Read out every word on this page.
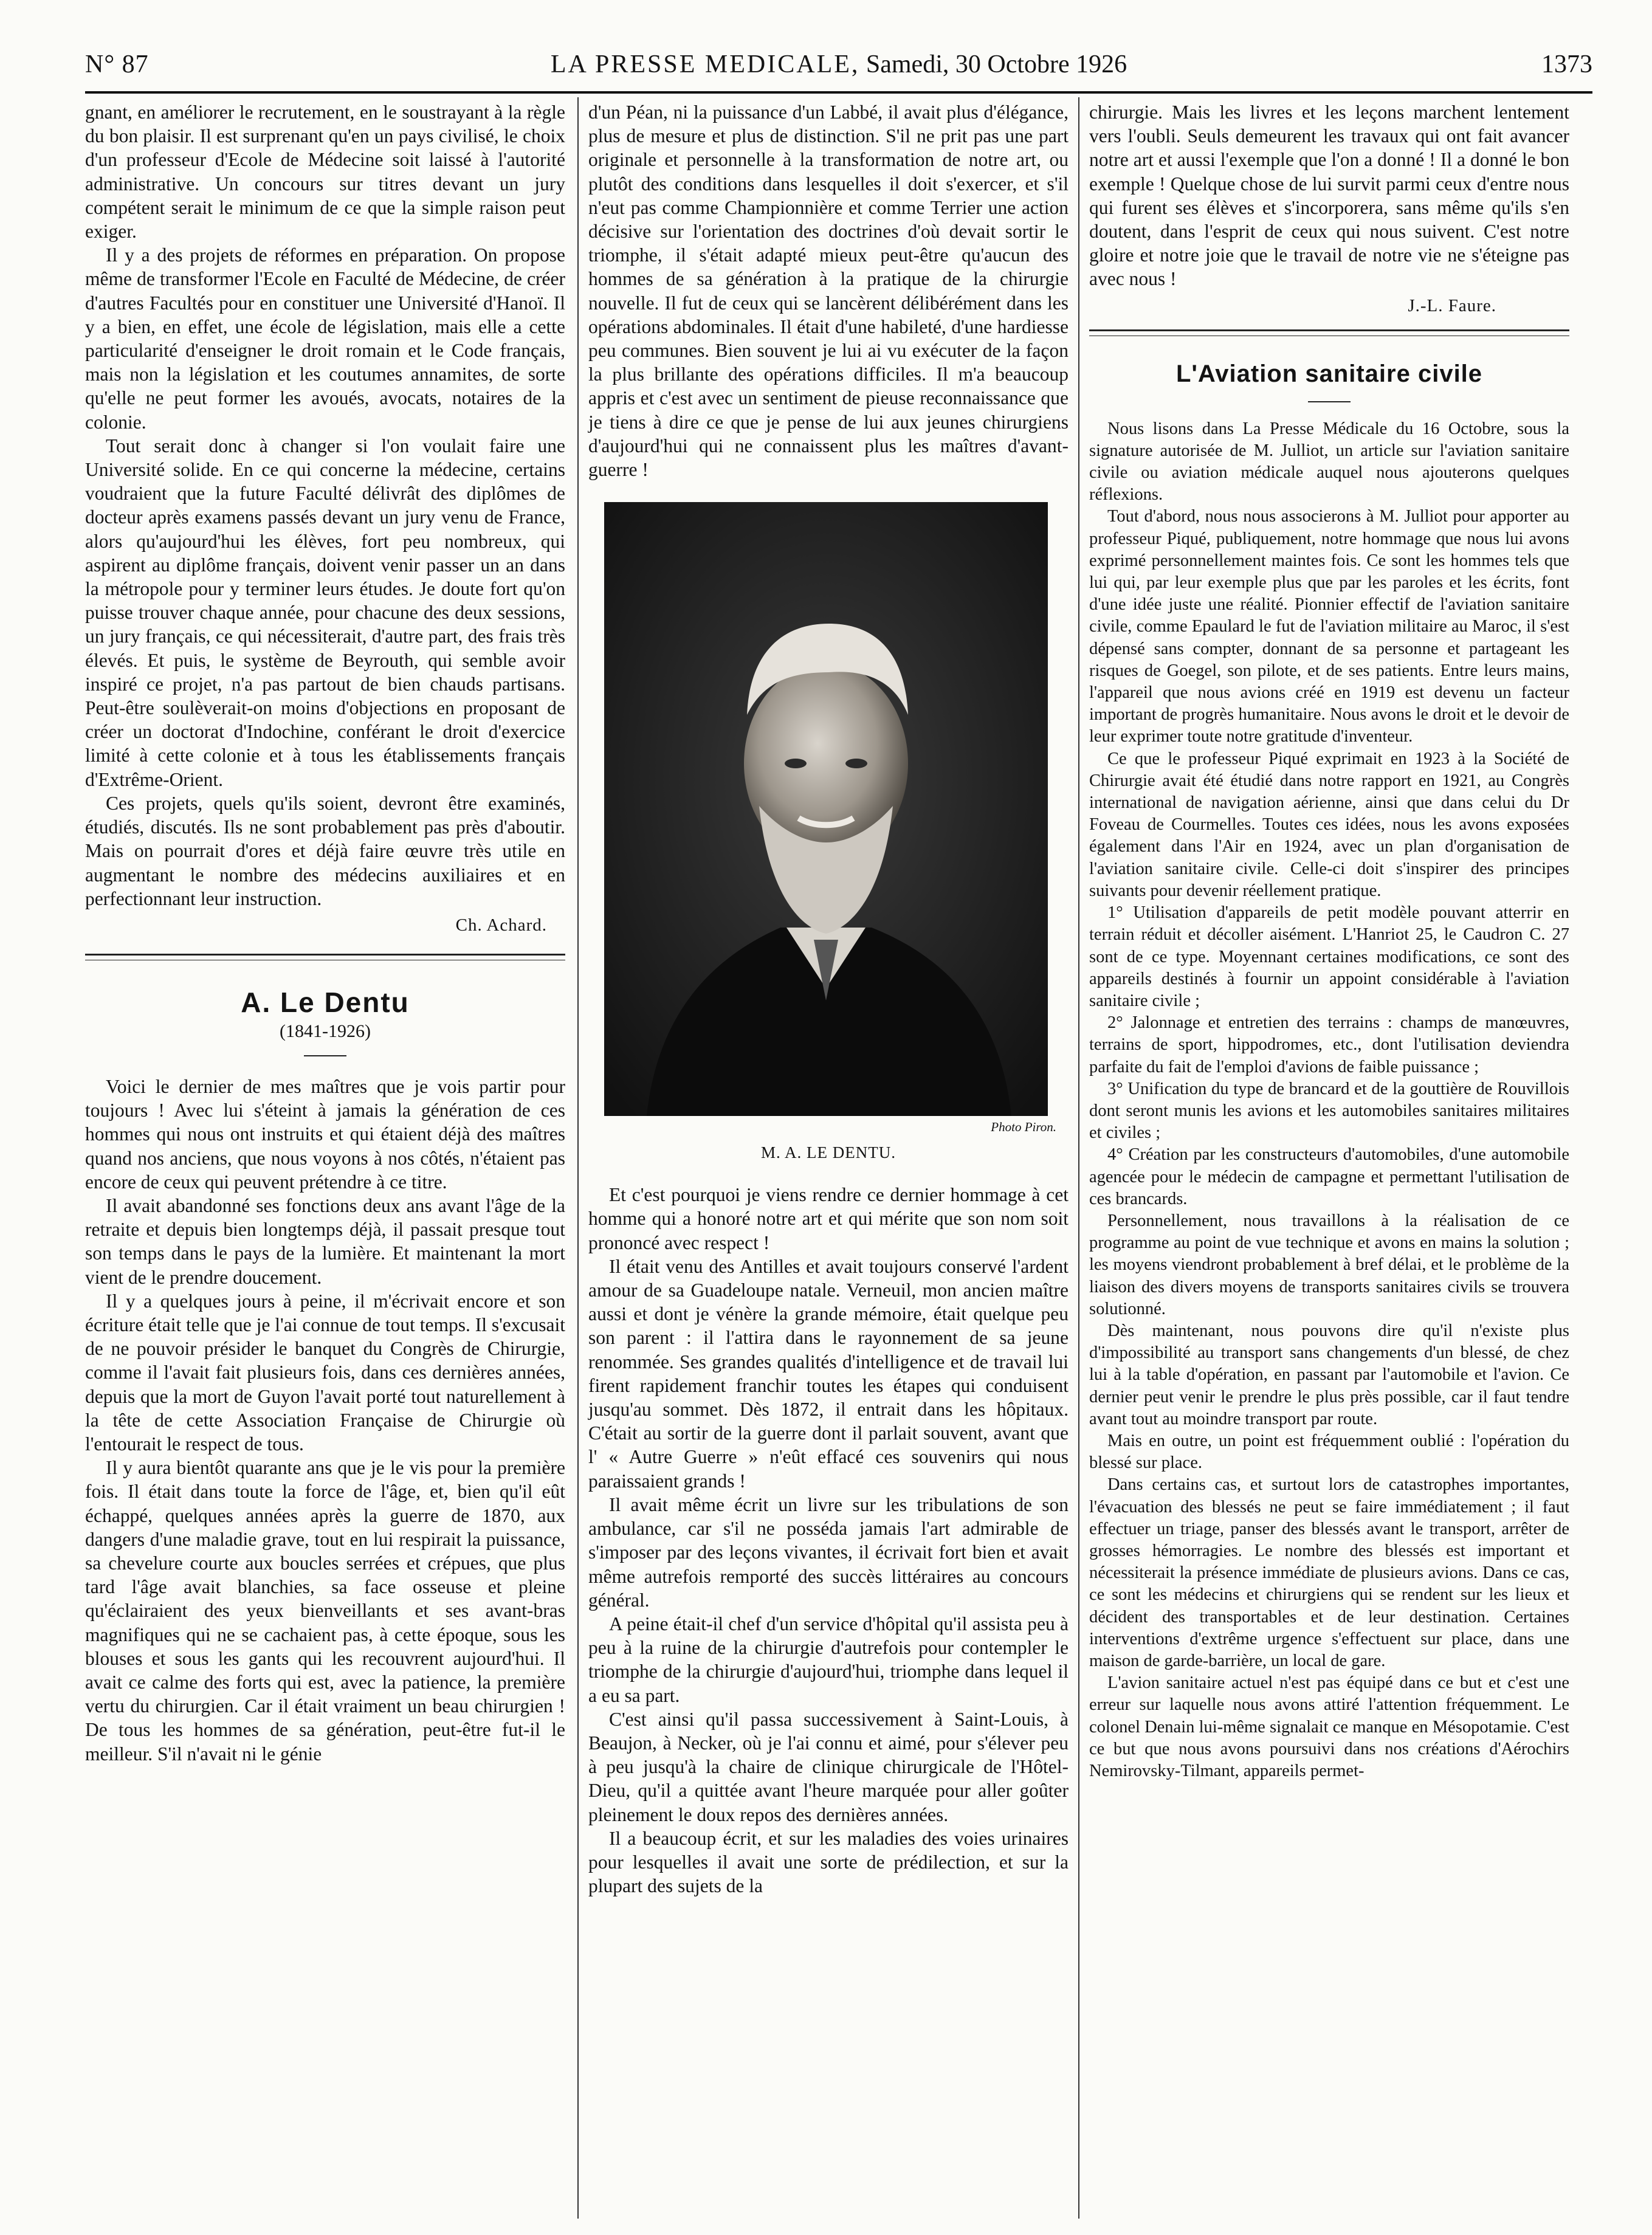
N° 87	LA PRESSE MEDICALE, Samedi, 30 Octobre 1926	1373

gnant, en améliorer le recrutement, en le soustrayant à la règle du bon plaisir. Il est surprenant qu'en un pays civilisé, le choix d'un professeur d'Ecole de Médecine soit laissé à l'autorité administrative. Un concours sur titres devant un jury compétent serait le minimum de ce que la simple raison peut exiger.

Il y a des projets de réformes en préparation. On propose même de transformer l'Ecole en Faculté de Médecine, de créer d'autres Facultés pour en constituer une Université d'Hanoï. Il y a bien, en effet, une école de législation, mais elle a cette particularité d'enseigner le droit romain et le Code français, mais non la législation et les coutumes annamites, de sorte qu'elle ne peut former les avoués, avocats, notaires de la colonie.

Tout serait donc à changer si l'on voulait faire une Université solide. En ce qui concerne la médecine, certains voudraient que la future Faculté délivrât des diplômes de docteur après examens passés devant un jury venu de France, alors qu'aujourd'hui les élèves, fort peu nombreux, qui aspirent au diplôme français, doivent venir passer un an dans la métropole pour y terminer leurs études. Je doute fort qu'on puisse trouver chaque année, pour chacune des deux sessions, un jury français, ce qui nécessiterait, d'autre part, des frais très élevés. Et puis, le système de Beyrouth, qui semble avoir inspiré ce projet, n'a pas partout de bien chauds partisans. Peut-être soulèverait-on moins d'objections en proposant de créer un doctorat d'Indochine, conférant le droit d'exercice limité à cette colonie et à tous les établissements français d'Extrême-Orient.

Ces projets, quels qu'ils soient, devront être examinés, étudiés, discutés. Ils ne sont probablement pas près d'aboutir. Mais on pourrait d'ores et déjà faire œuvre très utile en augmentant le nombre des médecins auxiliaires et en perfectionnant leur instruction.

Ch. Achard.
A. Le Dentu
(1841-1926)

Voici le dernier de mes maîtres que je vois partir pour toujours ! Avec lui s'éteint à jamais la génération de ces hommes qui nous ont instruits et qui étaient déjà des maîtres quand nos anciens, que nous voyons à nos côtés, n'étaient pas encore de ceux qui peuvent prétendre à ce titre.

Il avait abandonné ses fonctions deux ans avant l'âge de la retraite et depuis bien longtemps déjà, il passait presque tout son temps dans le pays de la lumière. Et maintenant la mort vient de le prendre doucement.

Il y a quelques jours à peine, il m'écrivait encore et son écriture était telle que je l'ai connue de tout temps. Il s'excusait de ne pouvoir présider le banquet du Congrès de Chirurgie, comme il l'avait fait plusieurs fois, dans ces dernières années, depuis que la mort de Guyon l'avait porté tout naturellement à la tête de cette Association Française de Chirurgie où l'entourait le respect de tous.

Il y aura bientôt quarante ans que je le vis pour la première fois. Il était dans toute la force de l'âge, et, bien qu'il eût échappé, quelques années après la guerre de 1870, aux dangers d'une maladie grave, tout en lui respirait la puissance, sa chevelure courte aux boucles serrées et crépues, que plus tard l'âge avait blanchies, sa face osseuse et pleine qu'éclairaient des yeux bienveillants et ses avant-bras magnifiques qui ne se cachaient pas, à cette époque, sous les blouses et sous les gants qui les recouvrent aujourd'hui. Il avait ce calme des forts qui est, avec la patience, la première vertu du chirurgien. Car il était vraiment un beau chirurgien ! De tous les hommes de sa génération, peut-être fut-il le meilleur. S'il n'avait ni le génie

d'un Péan, ni la puissance d'un Labbé, il avait plus d'élégance, plus de mesure et plus de distinction. S'il ne prit pas une part originale et personnelle à la transformation de notre art, ou plutôt des conditions dans lesquelles il doit s'exercer, et s'il n'eut pas comme Championnière et comme Terrier une action décisive sur l'orientation des doctrines d'où devait sortir le triomphe, il s'était adapté mieux peut-être qu'aucun des hommes de sa génération à la pratique de la chirurgie nouvelle. Il fut de ceux qui se lancèrent délibérément dans les opérations abdominales. Il était d'une habileté, d'une hardiesse peu communes. Bien souvent je lui ai vu exécuter de la façon la plus brillante des opérations difficiles. Il m'a beaucoup appris et c'est avec un sentiment de pieuse reconnaissance que je tiens à dire ce que je pense de lui aux jeunes chirurgiens d'aujourd'hui qui ne connaissent plus les maîtres d'avant-guerre !

Photo Piron.
M. A. LE DENTU.

Et c'est pourquoi je viens rendre ce dernier hommage à cet homme qui a honoré notre art et qui mérite que son nom soit prononcé avec respect !

Il était venu des Antilles et avait toujours conservé l'ardent amour de sa Guadeloupe natale. Verneuil, mon ancien maître aussi et dont je vénère la grande mémoire, était quelque peu son parent : il l'attira dans le rayonnement de sa jeune renommée. Ses grandes qualités d'intelligence et de travail lui firent rapidement franchir toutes les étapes qui conduisent jusqu'au sommet. Dès 1872, il entrait dans les hôpitaux. C'était au sortir de la guerre dont il parlait souvent, avant que l' « Autre Guerre » n'eût effacé ces souvenirs qui nous paraissaient grands !

Il avait même écrit un livre sur les tribulations de son ambulance, car s'il ne posséda jamais l'art admirable de s'imposer par des leçons vivantes, il écrivait fort bien et avait même autrefois remporté des succès littéraires au concours général.

A peine était-il chef d'un service d'hôpital qu'il assista peu à peu à la ruine de la chirurgie d'autrefois pour contempler le triomphe de la chirurgie d'aujourd'hui, triomphe dans lequel il a eu sa part.

C'est ainsi qu'il passa successivement à Saint-Louis, à Beaujon, à Necker, où je l'ai connu et aimé, pour s'élever peu à peu jusqu'à la chaire de clinique chirurgicale de l'Hôtel-Dieu, qu'il a quittée avant l'heure marquée pour aller goûter pleinement le doux repos des dernières années.

Il a beaucoup écrit, et sur les maladies des voies urinaires pour lesquelles il avait une sorte de prédilection, et sur la plupart des sujets de la

chirurgie. Mais les livres et les leçons marchent lentement vers l'oubli. Seuls demeurent les travaux qui ont fait avancer notre art et aussi l'exemple que l'on a donné ! Il a donné le bon exemple ! Quelque chose de lui survit parmi ceux d'entre nous qui furent ses élèves et s'incorporera, sans même qu'ils s'en doutent, dans l'esprit de ceux qui nous suivent. C'est notre gloire et notre joie que le travail de notre vie ne s'éteigne pas avec nous !

J.-L. Faure.
L'Aviation sanitaire civile

Nous lisons dans La Presse Médicale du 16 Octobre, sous la signature autorisée de M. Julliot, un article sur l'aviation sanitaire civile ou aviation médicale auquel nous ajouterons quelques réflexions.

Tout d'abord, nous nous associerons à M. Julliot pour apporter au professeur Piqué, publiquement, notre hommage que nous lui avons exprimé personnellement maintes fois. Ce sont les hommes tels que lui qui, par leur exemple plus que par les paroles et les écrits, font d'une idée juste une réalité. Pionnier effectif de l'aviation sanitaire civile, comme Epaulard le fut de l'aviation militaire au Maroc, il s'est dépensé sans compter, donnant de sa personne et partageant les risques de Goegel, son pilote, et de ses patients. Entre leurs mains, l'appareil que nous avions créé en 1919 est devenu un facteur important de progrès humanitaire. Nous avons le droit et le devoir de leur exprimer toute notre gratitude d'inventeur.

Ce que le professeur Piqué exprimait en 1923 à la Société de Chirurgie avait été étudié dans notre rapport en 1921, au Congrès international de navigation aérienne, ainsi que dans celui du Dr Foveau de Courmelles. Toutes ces idées, nous les avons exposées également dans l'Air en 1924, avec un plan d'organisation de l'aviation sanitaire civile. Celle-ci doit s'inspirer des principes suivants pour devenir réellement pratique.

1° Utilisation d'appareils de petit modèle pouvant atterrir en terrain réduit et décoller aisément. L'Hanriot 25, le Caudron C. 27 sont de ce type. Moyennant certaines modifications, ce sont des appareils destinés à fournir un appoint considérable à l'aviation sanitaire civile ;

2° Jalonnage et entretien des terrains : champs de manœuvres, terrains de sport, hippodromes, etc., dont l'utilisation deviendra parfaite du fait de l'emploi d'avions de faible puissance ;

3° Unification du type de brancard et de la gouttière de Rouvillois dont seront munis les avions et les automobiles sanitaires militaires et civiles ;

4° Création par les constructeurs d'automobiles, d'une automobile agencée pour le médecin de campagne et permettant l'utilisation de ces brancards.

Personnellement, nous travaillons à la réalisation de ce programme au point de vue technique et avons en mains la solution ; les moyens viendront probablement à bref délai, et le problème de la liaison des divers moyens de transports sanitaires civils se trouvera solutionné.

Dès maintenant, nous pouvons dire qu'il n'existe plus d'impossibilité au transport sans changements d'un blessé, de chez lui à la table d'opération, en passant par l'automobile et l'avion. Ce dernier peut venir le prendre le plus près possible, car il faut tendre avant tout au moindre transport par route.

Mais en outre, un point est fréquemment oublié : l'opération du blessé sur place.

Dans certains cas, et surtout lors de catastrophes importantes, l'évacuation des blessés ne peut se faire immédiatement ; il faut effectuer un triage, panser des blessés avant le transport, arrêter de grosses hémorragies. Le nombre des blessés est important et nécessiterait la présence immédiate de plusieurs avions. Dans ce cas, ce sont les médecins et chirurgiens qui se rendent sur les lieux et décident des transportables et de leur destination. Certaines interventions d'extrême urgence s'effectuent sur place, dans une maison de garde-barrière, un local de gare.

L'avion sanitaire actuel n'est pas équipé dans ce but et c'est une erreur sur laquelle nous avons attiré l'attention fréquemment. Le colonel Denain lui-même signalait ce manque en Mésopotamie. C'est ce but que nous avons poursuivi dans nos créations d'Aérochirs Nemirovsky-Tilmant, appareils permet-
